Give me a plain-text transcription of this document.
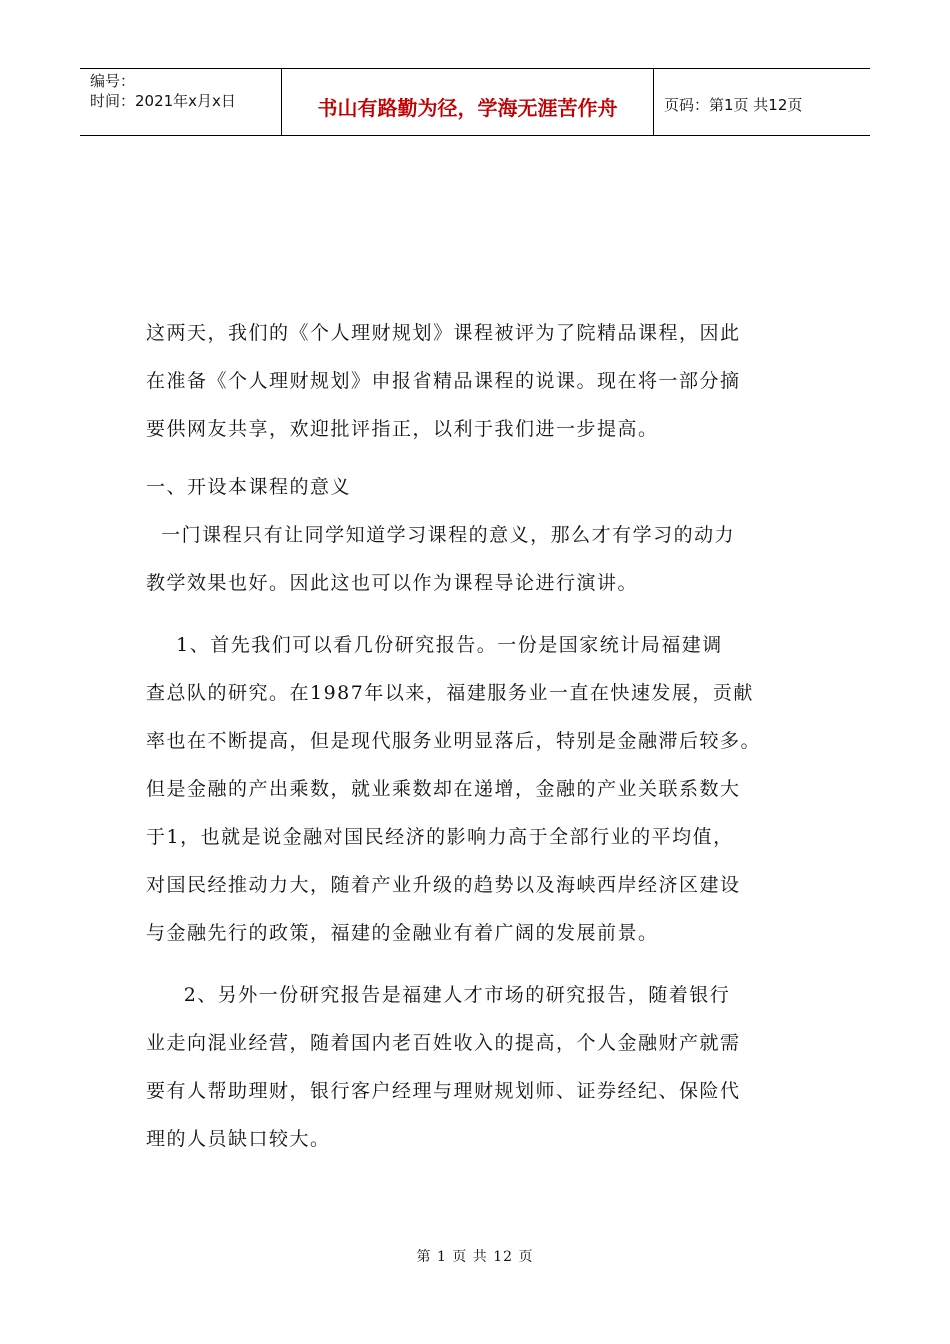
编号：
时间：2021年x月x日	书山有路勤为径，学海无涯苦作舟	页码：第1页 共12页
这两天，我们的《个人理财规划》课程被评为了院精品课程，因此
在准备《个人理财规划》申报省精品课程的说课。现在将一部分摘
要供网友共享，欢迎批评指正，以利于我们进一步提高。
一、开设本课程的意义
一门课程只有让同学知道学习课程的意义，那么才有学习的动力
教学效果也好。因此这也可以作为课程导论进行演讲。
1、首先我们可以看几份研究报告。一份是国家统计局福建调
查总队的研究。在1987年以来，福建服务业一直在快速发展，贡献
率也在不断提高，但是现代服务业明显落后，特别是金融滞后较多。
但是金融的产出乘数，就业乘数却在递增，金融的产业关联系数大
于1，也就是说金融对国民经济的影响力高于全部行业的平均值，
对国民经推动力大，随着产业升级的趋势以及海峡西岸经济区建设
与金融先行的政策，福建的金融业有着广阔的发展前景。
2、另外一份研究报告是福建人才市场的研究报告，随着银行
业走向混业经营，随着国内老百姓收入的提高，个人金融财产就需
要有人帮助理财，银行客户经理与理财规划师、证券经纪、保险代
理的人员缺口较大。
第 1 页 共 12 页
